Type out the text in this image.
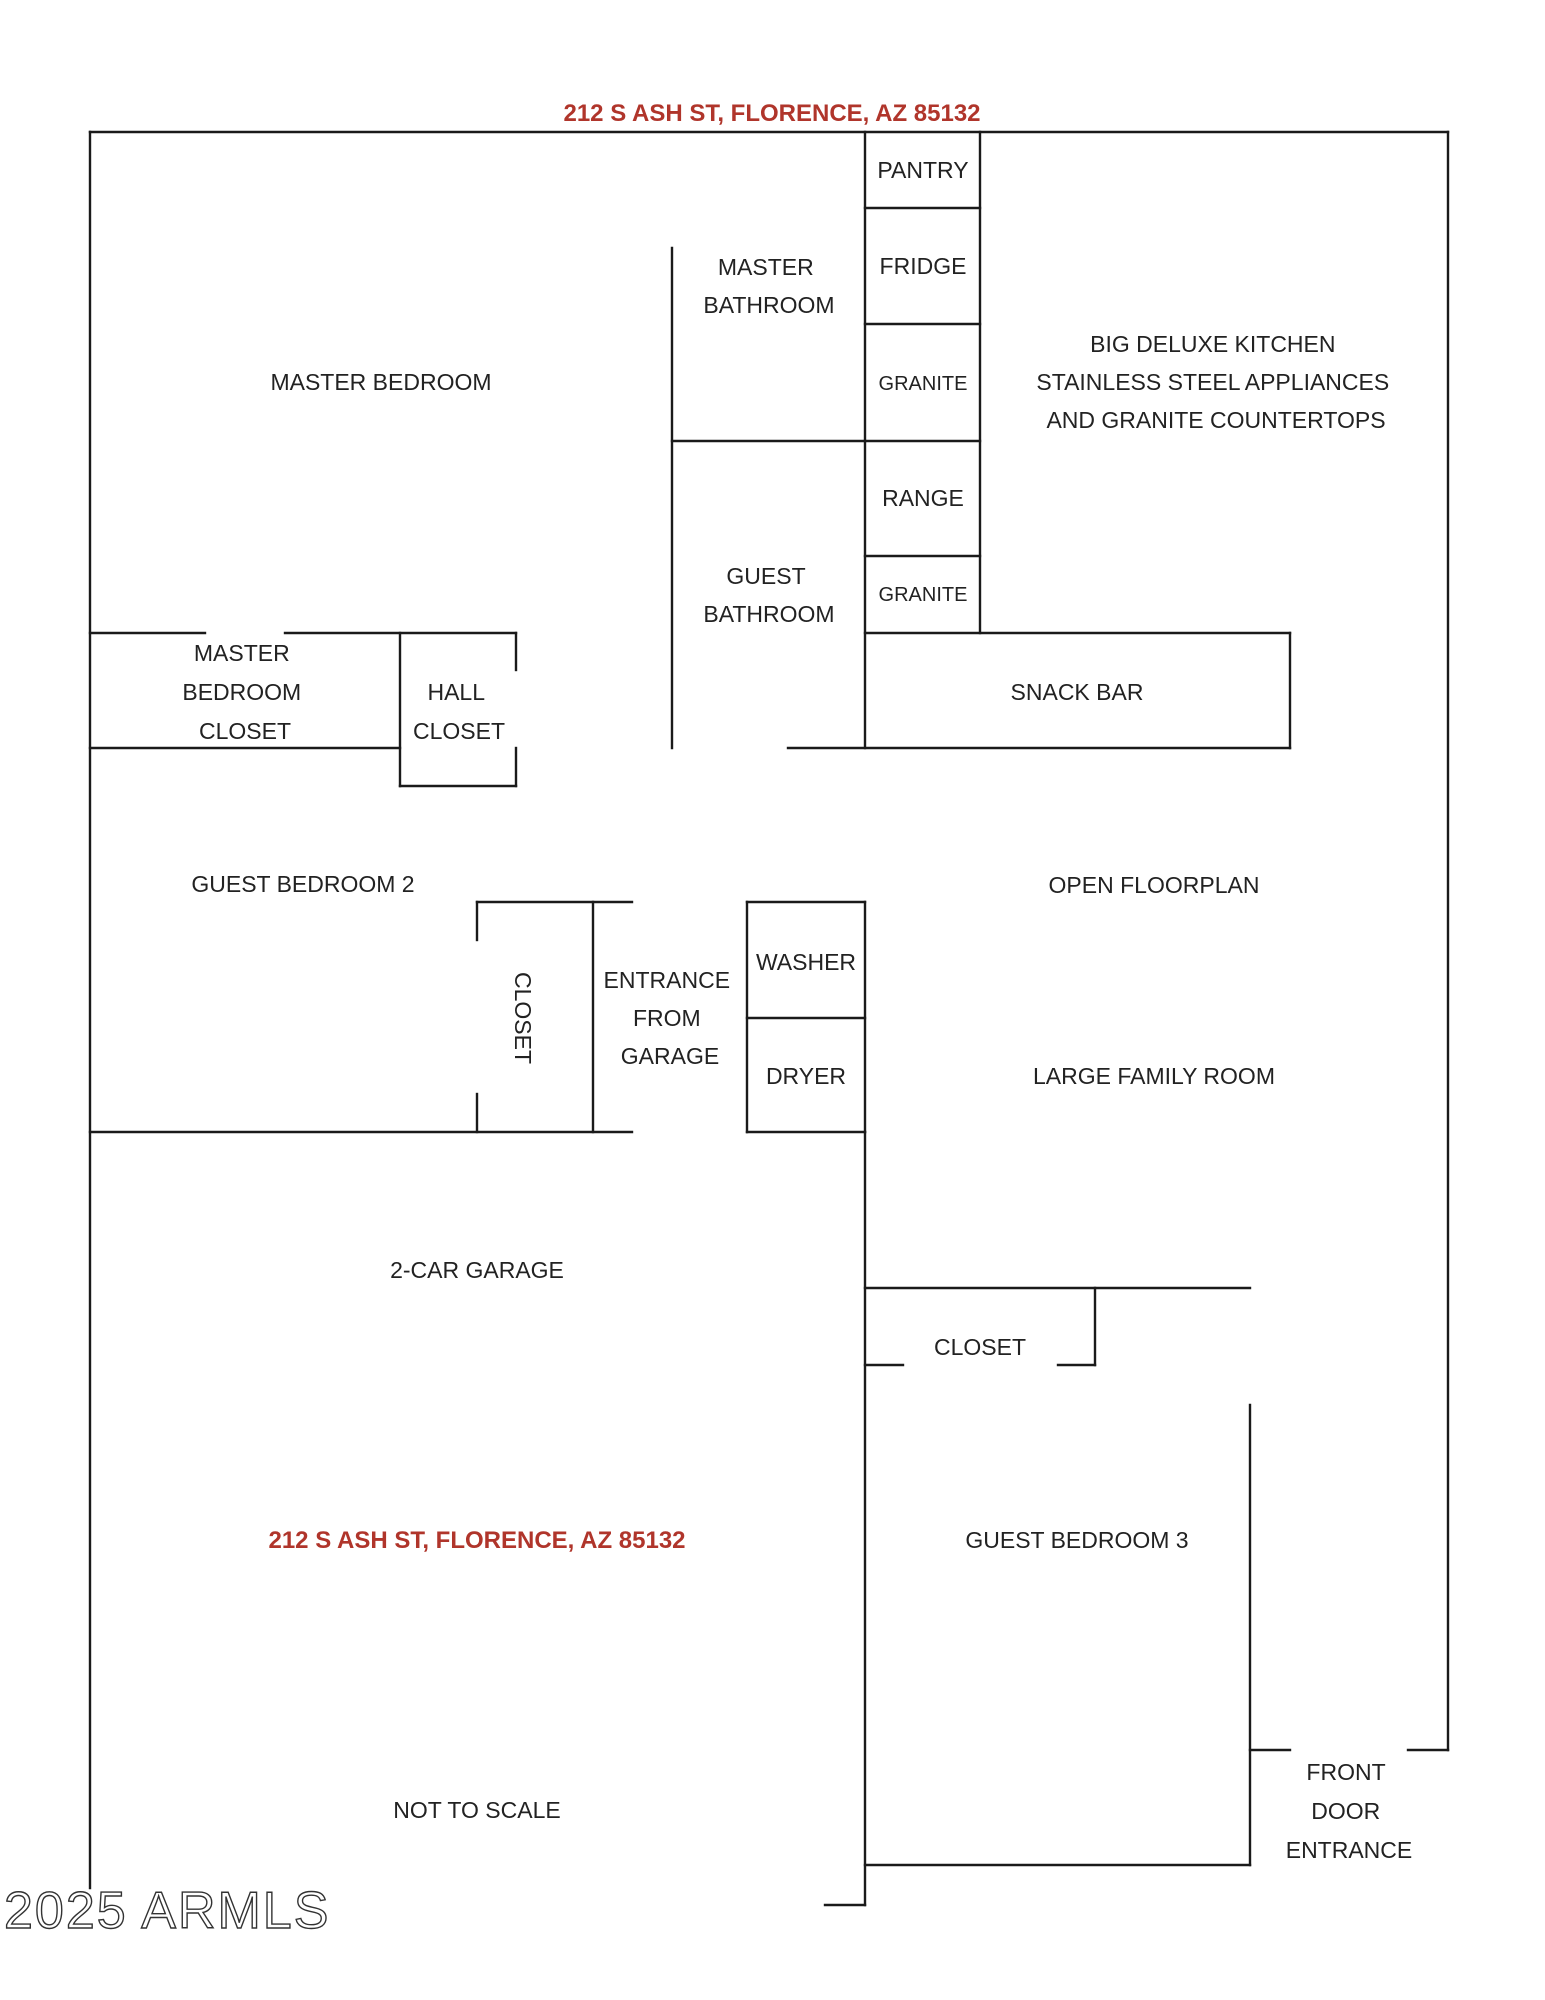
212 S ASH ST, FLORENCE, AZ 85132
PANTRY
FRIDGE
MASTER BATHROOM
GRANITE
BIG DELUXE KITCHEN STAINLESS STEEL APPLIANCES AND GRANITE COUNTERTOPS
MASTER BEDROOM
RANGE
GUEST BATHROOM
GRANITE
MASTER BEDROOM CLOSET
HALL CLOSET
SNACK BAR
GUEST BEDROOM 2	OPEN FLOORPLAN
WASHER
CLOSET	ENTRANCE FROM GARAGE
DRYER	LARGE FAMILY ROOM
2-CAR GARAGE
CLOSET
212 S ASH ST, FLORENCE, AZ 85132	GUEST BEDROOM 3
FRONT DOOR ENTRANCE
NOT TO SCALE
2025 ARMLS
